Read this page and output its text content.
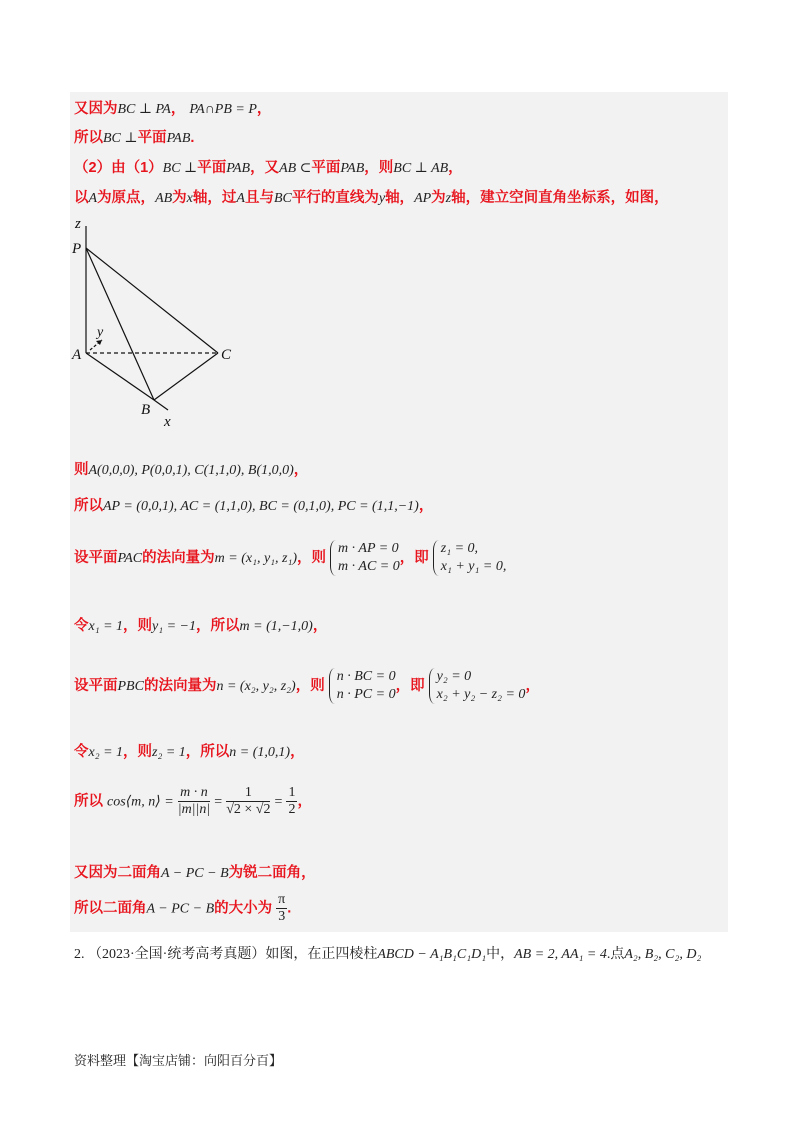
又因为BC ⊥ PA， PA∩PB = P，
所以BC ⊥平面PAB.
（2）由（1）BC ⊥平面PAB，又AB ⊂平面PAB，则BC ⊥ AB，
以A为原点，AB为x轴，过A且与BC平行的直线为y轴，AP为z轴，建立空间直角坐标系，如图，
z
P
y
A	C
B
x
则A(0,0,0), P(0,0,1), C(1,1,0), B(1,0,0)，
所以AP = (0,0,1), AC = (1,1,0), BC = (0,1,0), PC = (1,1,−1)，
设平面PAC的法向量为m = (x₁, y₁, z₁)，则
m · AP = 0
m · AC = 0
，即
z₁ = 0,
x₁ + y₁ = 0,
令x₁ = 1，则y₁ = −1，所以m = (1,−1,0)，
设平面PBC的法向量为n = (x₂, y₂, z₂)，则
n · BC = 0
n · PC = 0
，即
y₂ = 0
x₂ + y₂ − z₂ = 0
，
令x₂ = 1，则z₂ = 1，所以n = (1,0,1)，
所以 cos⟨m, n⟩ = $\frac{m \cdot n}{|m||n|} = \frac{1}{√2 \times √2} = \frac{1}{2}$ ，
又因为二面角A − PC − B为锐二面角，
所以二面角A − PC − B的大小为 $\frac{\pi}{3}$ .
2. （2023·全国·统考高考真题）如图，在正四棱柱ABCD − A₁B₁C₁D₁中，AB = 2, AA₁ = 4.点A₂, B₂, C₂, D₂
资料整理【淘宝店铺：向阳百分百】
